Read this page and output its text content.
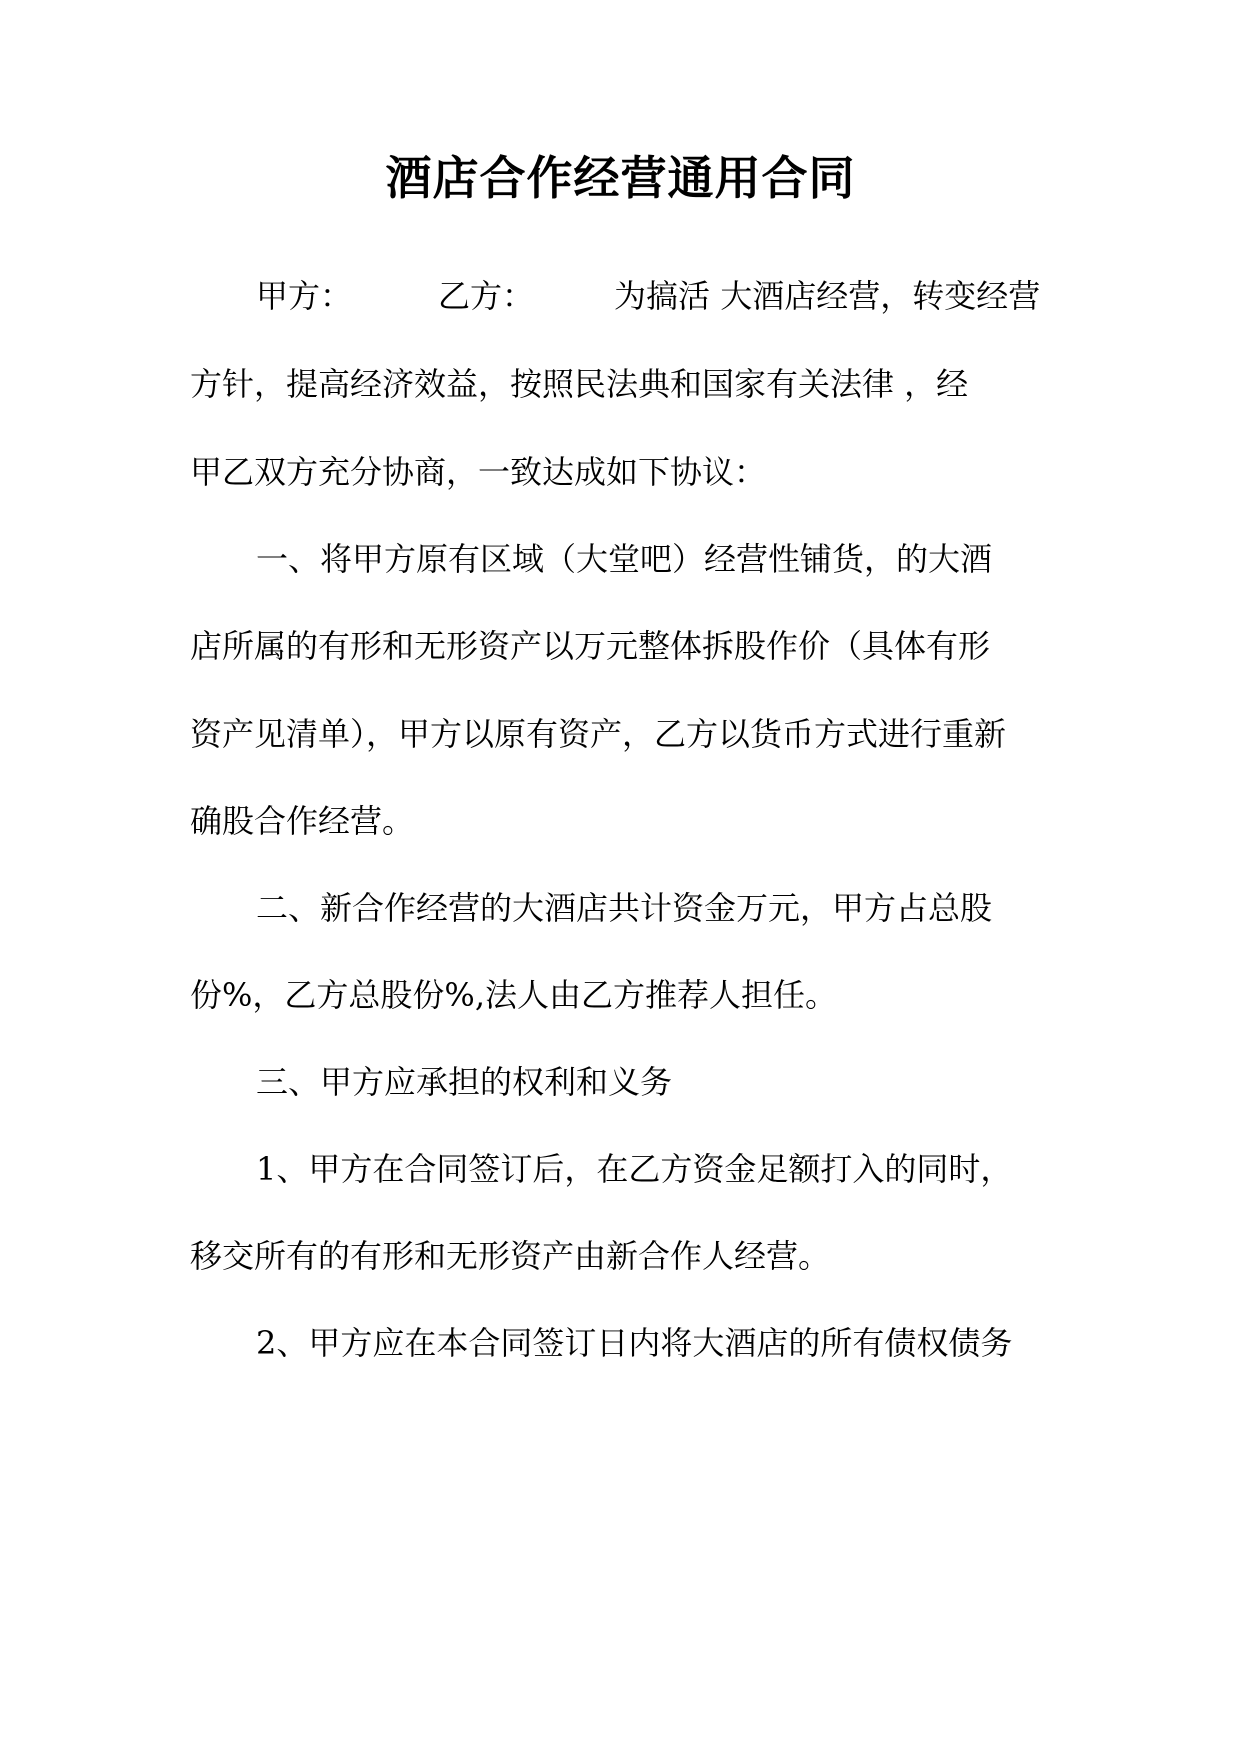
酒店合作经营通用合同

甲方：	乙方：	为搞活 大酒店经营，转变经营

方针，提高经济效益，按照民法典和国家有关法律 ，经

甲乙双方充分协商，一致达成如下协议：

一、将甲方原有区域（大堂吧）经营性铺货，的大酒

店所属的有形和无形资产以万元整体拆股作价（具体有形

资产见清单），甲方以原有资产，乙方以货币方式进行重新

确股合作经营。

二、新合作经营的大酒店共计资金万元，甲方占总股

份%，乙方总股份%,法人由乙方推荐人担任。

三、甲方应承担的权利和义务

1、甲方在合同签订后，在乙方资金足额打入的同时，

移交所有的有形和无形资产由新合作人经营。

2、甲方应在本合同签订日内将大酒店的所有债权债务
